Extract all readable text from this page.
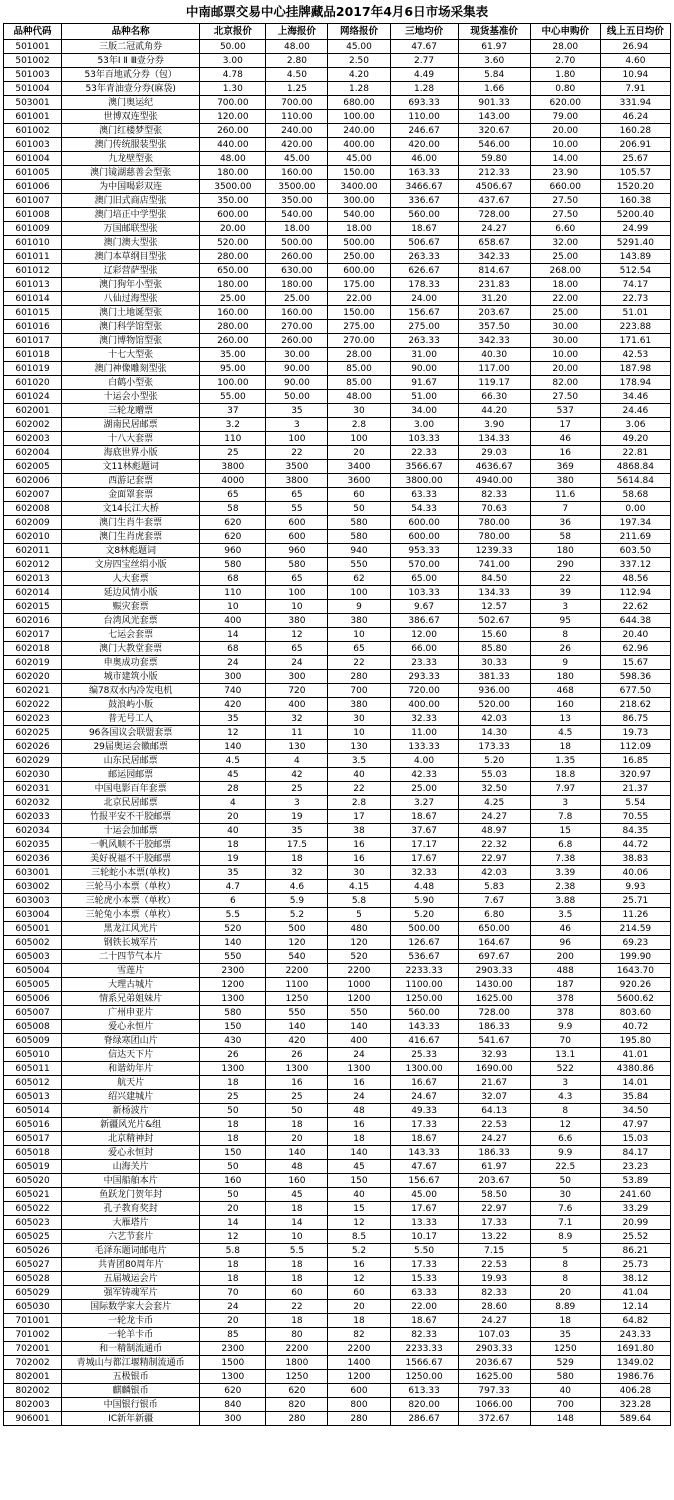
中南邮票交易中心挂牌藏品2017年4月6日市场采集表
品种代码	品种名称	北京报价	上海报价	网络报价	三地均价	现货基准价	中心申购价	线上五日均价
501001	三版二冠贰角券	50.00	48.00	45.00	47.67	61.97	28.00	26.94
501002	53年Ⅰ Ⅱ Ⅲ壹分券	3.00	2.80	2.50	2.77	3.60	2.70	4.60
501003	53年百地贰分券（包）	4.78	4.50	4.20	4.49	5.84	1.80	10.94
501004	53年青油壹分券(麻袋)	1.30	1.25	1.28	1.28	1.66	0.80	7.91
503001	澳门奥运纪	700.00	700.00	680.00	693.33	901.33	620.00	331.94
601001	世博双连型张	120.00	110.00	100.00	110.00	143.00	79.00	46.24
601002	澳门红楼梦型张	260.00	240.00	240.00	246.67	320.67	20.00	160.28
601003	澳门传统服装型张	440.00	420.00	400.00	420.00	546.00	10.00	206.91
601004	九龙壁型张	48.00	45.00	45.00	46.00	59.80	14.00	25.67
601005	澳门镜湖慈善会型张	180.00	160.00	150.00	163.33	212.33	23.90	105.57
601006	为中国喝彩双连	3500.00	3500.00	3400.00	3466.67	4506.67	660.00	1520.20
601007	澳门旧式商店型张	350.00	350.00	300.00	336.67	437.67	27.50	160.38
601008	澳门培正中学型张	600.00	540.00	540.00	560.00	728.00	27.50	5200.40
601009	万国邮联型张	20.00	18.00	18.00	18.67	24.27	6.60	24.99
601010	澳门澳大型张	520.00	500.00	500.00	506.67	658.67	32.00	5291.40
601011	澳门本草纲目型张	280.00	260.00	250.00	263.33	342.33	25.00	143.89
601012	辽彩营萨型张	650.00	630.00	600.00	626.67	814.67	268.00	512.54
601013	澳门狗年小型张	180.00	180.00	175.00	178.33	231.83	18.00	74.17
601014	八仙过海型张	25.00	25.00	22.00	24.00	31.20	22.00	22.73
601015	澳门土地诞型张	160.00	160.00	150.00	156.67	203.67	25.00	51.01
601016	澳门科学馆型张	280.00	270.00	275.00	275.00	357.50	30.00	223.88
601017	澳门博物馆型张	260.00	260.00	270.00	263.33	342.33	30.00	171.61
601018	十七大型张	35.00	30.00	28.00	31.00	40.30	10.00	42.53
601019	澳门神像雕刻型张	95.00	90.00	85.00	90.00	117.00	20.00	187.98
601020	白鹤小型张	100.00	90.00	85.00	91.67	119.17	82.00	178.94
601024	十运会小型张	55.00	50.00	48.00	51.00	66.30	27.50	34.46
602001	三轮龙赠票	37	35	30	34.00	44.20	537	24.46
602002	湖南民居邮票	3.2	3	2.8	3.00	3.90	17	3.06
602003	十八大套票	110	100	100	103.33	134.33	46	49.20
602004	海底世界小版	25	22	20	22.33	29.03	16	22.81
602005	文11林彪题词	3800	3500	3400	3566.67	4636.67	369	4868.84
602006	西游记套票	4000	3800	3600	3800.00	4940.00	380	5614.84
602007	金面罩套票	65	65	60	63.33	82.33	11.6	58.68
602008	文14长江大桥	58	55	50	54.33	70.63	7	0.00
602009	澳门生肖牛套票	620	600	580	600.00	780.00	36	197.34
602010	澳门生肖虎套票	620	600	580	600.00	780.00	58	211.69
602011	文8林彪题词	960	960	940	953.33	1239.33	180	603.50
602012	文房四宝丝绢小版	580	580	550	570.00	741.00	290	337.12
602013	人大套票	68	65	62	65.00	84.50	22	48.56
602014	延边风情小版	110	100	100	103.33	134.33	39	112.94
602015	赈灾套票	10	10	9	9.67	12.57	3	22.62
602016	台湾风光套票	400	380	380	386.67	502.67	95	644.38
602017	七运会套票	14	12	10	12.00	15.60	8	20.40
602018	澳门大教堂套票	68	65	65	66.00	85.80	26	62.96
602019	申奥成功套票	24	24	22	23.33	30.33	9	15.67
602020	城市建筑小版	300	300	280	293.33	381.33	180	598.36
602021	编78双水内冷发电机	740	720	700	720.00	936.00	468	677.50
602022	鼓浪屿小版	420	400	380	400.00	520.00	160	218.62
602023	普无号工人	35	32	30	32.33	42.03	13	86.75
602025	96各国议会联盟套票	12	11	10	11.00	14.30	4.5	19.73
602026	29届奥运会徽邮票	140	130	130	133.33	173.33	18	112.09
602029	山东民居邮票	4.5	4	3.5	4.00	5.20	1.35	16.85
602030	邮运园邮票	45	42	40	42.33	55.03	18.8	320.97
602031	中国电影百年套票	28	25	22	25.00	32.50	7.97	21.37
602032	北京民居邮票	4	3	2.8	3.27	4.25	3	5.54
602033	竹报平安不干胶邮票	20	19	17	18.67	24.27	7.8	70.55
602034	十运会加邮票	40	35	38	37.67	48.97	15	84.35
602035	一帆风顺不干胶邮票	18	17.5	16	17.17	22.32	6.8	44.72
602036	美好祝福不干胶邮票	19	18	16	17.67	22.97	7.38	38.83
603001	三轮蛇小本票(单枚)	35	32	30	32.33	42.03	3.39	40.06
603002	三轮马小本票（单枚）	4.7	4.6	4.15	4.48	5.83	2.38	9.93
603003	三轮虎小本票（单枚）	6	5.9	5.8	5.90	7.67	3.88	25.71
603004	三轮兔小本票（单枚）	5.5	5.2	5	5.20	6.80	3.5	11.26
605001	黑龙江风光片	520	500	480	500.00	650.00	46	214.59
605002	钢铁长城军片	140	120	120	126.67	164.67	96	69.23
605003	二十四节气本片	550	540	520	536.67	697.67	200	199.90
605004	雪莲片	2300	2200	2200	2233.33	2903.33	488	1643.70
605005	大理古城片	1200	1100	1000	1100.00	1430.00	187	920.26
605006	情系兄弟姐妹片	1300	1250	1200	1250.00	1625.00	378	5600.62
605007	广州申亚片	580	550	550	560.00	728.00	378	803.60
605008	爱心永恒片	150	140	140	143.33	186.33	9.9	40.72
605009	脊绿寒团山片	430	420	400	416.67	541.67	70	195.80
605010	信达天下片	26	26	24	25.33	32.93	13.1	41.01
605011	和谐幼年片	1300	1300	1300	1300.00	1690.00	522	4380.86
605012	航天片	18	16	16	16.67	21.67	3	14.01
605013	绍兴建城片	25	25	24	24.67	32.07	4.3	35.84
605014	新杨波片	50	50	48	49.33	64.13	8	34.50
605016	新疆风光片&组	18	18	16	17.33	22.53	12	47.97
605017	北京精神封	18	20	18	18.67	24.27	6.6	15.03
605018	爱心永恒封	150	140	140	143.33	186.33	9.9	84.17
605019	山海关片	50	48	45	47.67	61.97	22.5	23.23
605020	中国船舶本片	160	160	150	156.67	203.67	50	53.89
605021	鱼跃龙门贺年封	50	45	40	45.00	58.50	30	241.60
605022	孔子教育奖封	20	18	15	17.67	22.97	7.6	33.29
605023	大雁塔片	14	14	12	13.33	17.33	7.1	20.99
605025	六艺节套片	12	10	8.5	10.17	13.22	8.9	25.52
605026	毛泽东题词邮电片	5.8	5.5	5.2	5.50	7.15	5	86.21
605027	共青团80周年片	18	18	16	17.33	22.53	8	25.73
605028	五届城运会片	18	18	12	15.33	19.93	8	38.12
605029	强军铸魂军片	70	60	60	63.33	82.33	20	41.04
605030	国际数学家大会套片	24	22	20	22.00	28.60	8.89	12.14
701001	一轮龙卡币	20	18	18	18.67	24.27	18	64.82
701002	一轮羊卡币	85	80	82	82.33	107.03	35	243.33
702001	和一精制流通币	2300	2200	2200	2233.33	2903.33	1250	1691.80
702002	青城山与都江堰精制流通币	1500	1800	1400	1566.67	2036.67	529	1349.02
802001	五极银币	1300	1250	1200	1250.00	1625.00	580	1986.76
802002	麒麟银币	620	620	600	613.33	797.33	40	406.28
802003	中国银行银币	840	820	800	820.00	1066.00	700	323.28
906001	IC新年新疆	300	280	280	286.67	372.67	148	589.64
